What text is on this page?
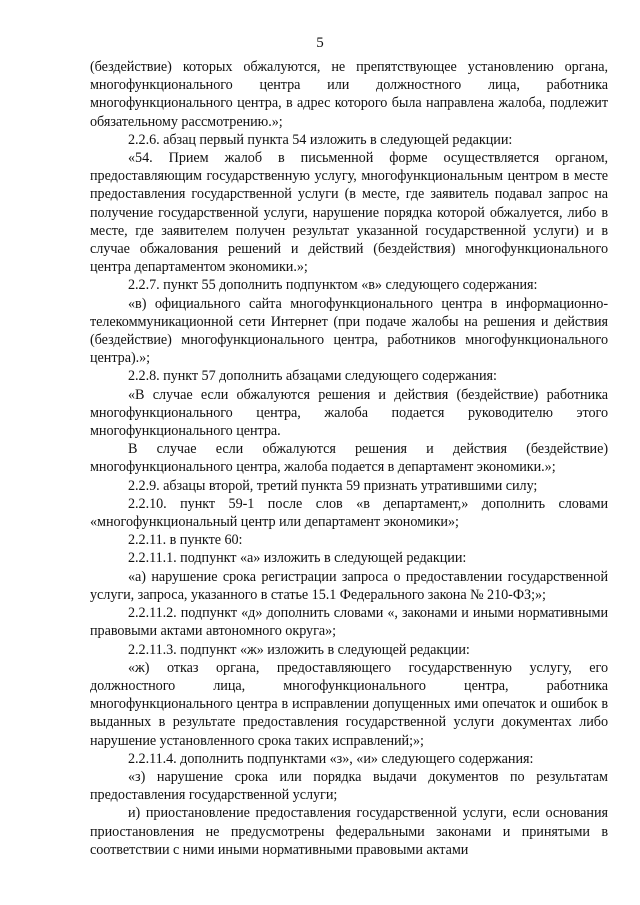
5

(бездействие) которых обжалуются, не препятствующее установлению органа, многофункционального центра или должностного лица, работника многофункционального центра, в адрес которого была направлена жалоба, подлежит обязательному рассмотрению.»;

2.2.6. абзац первый пункта 54 изложить в следующей редакции:

«54. Прием жалоб в письменной форме осуществляется органом, предоставляющим государственную услугу, многофункциональным центром в месте предоставления государственной услуги (в месте, где заявитель подавал запрос на получение государственной услуги, нарушение порядка которой обжалуется, либо в месте, где заявителем получен результат указанной государственной услуги) и в случае обжалования решений и действий (бездействия) многофункционального центра департаментом экономики.»;

2.2.7. пункт 55 дополнить подпунктом «в» следующего содержания:

«в) официального сайта многофункционального центра в информационно-телекоммуникационной сети Интернет (при подаче жалобы на решения и действия (бездействие) многофункционального центра, работников многофункционального центра).»;

2.2.8. пункт 57 дополнить абзацами следующего содержания:

«В случае если обжалуются решения и действия (бездействие) работника многофункционального центра, жалоба подается руководителю этого многофункционального центра.

В случае если обжалуются решения и действия (бездействие) многофункционального центра, жалоба подается в департамент экономики.»;

2.2.9. абзацы второй, третий пункта 59 признать утратившими силу;

2.2.10. пункт 59-1 после слов «в департамент,» дополнить словами «многофункциональный центр или департамент экономики»;

2.2.11. в пункте 60:

2.2.11.1. подпункт «а» изложить в следующей редакции:

«а) нарушение срока регистрации запроса о предоставлении государственной услуги, запроса, указанного в статье 15.1 Федерального закона № 210-ФЗ;»;

2.2.11.2. подпункт «д» дополнить словами «, законами и иными нормативными правовыми актами автономного округа»;

2.2.11.3. подпункт «ж» изложить в следующей редакции:

«ж) отказ органа, предоставляющего государственную услугу, его должностного лица, многофункционального центра, работника многофункционального центра в исправлении допущенных ими опечаток и ошибок в выданных в результате предоставления государственной услуги документах либо нарушение установленного срока таких исправлений;»;

2.2.11.4. дополнить подпунктами «з», «и» следующего содержания:

«з) нарушение срока или порядка выдачи документов по результатам предоставления государственной услуги;

и) приостановление предоставления государственной услуги, если основания приостановления не предусмотрены федеральными законами и принятыми в соответствии с ними иными нормативными правовыми актами
